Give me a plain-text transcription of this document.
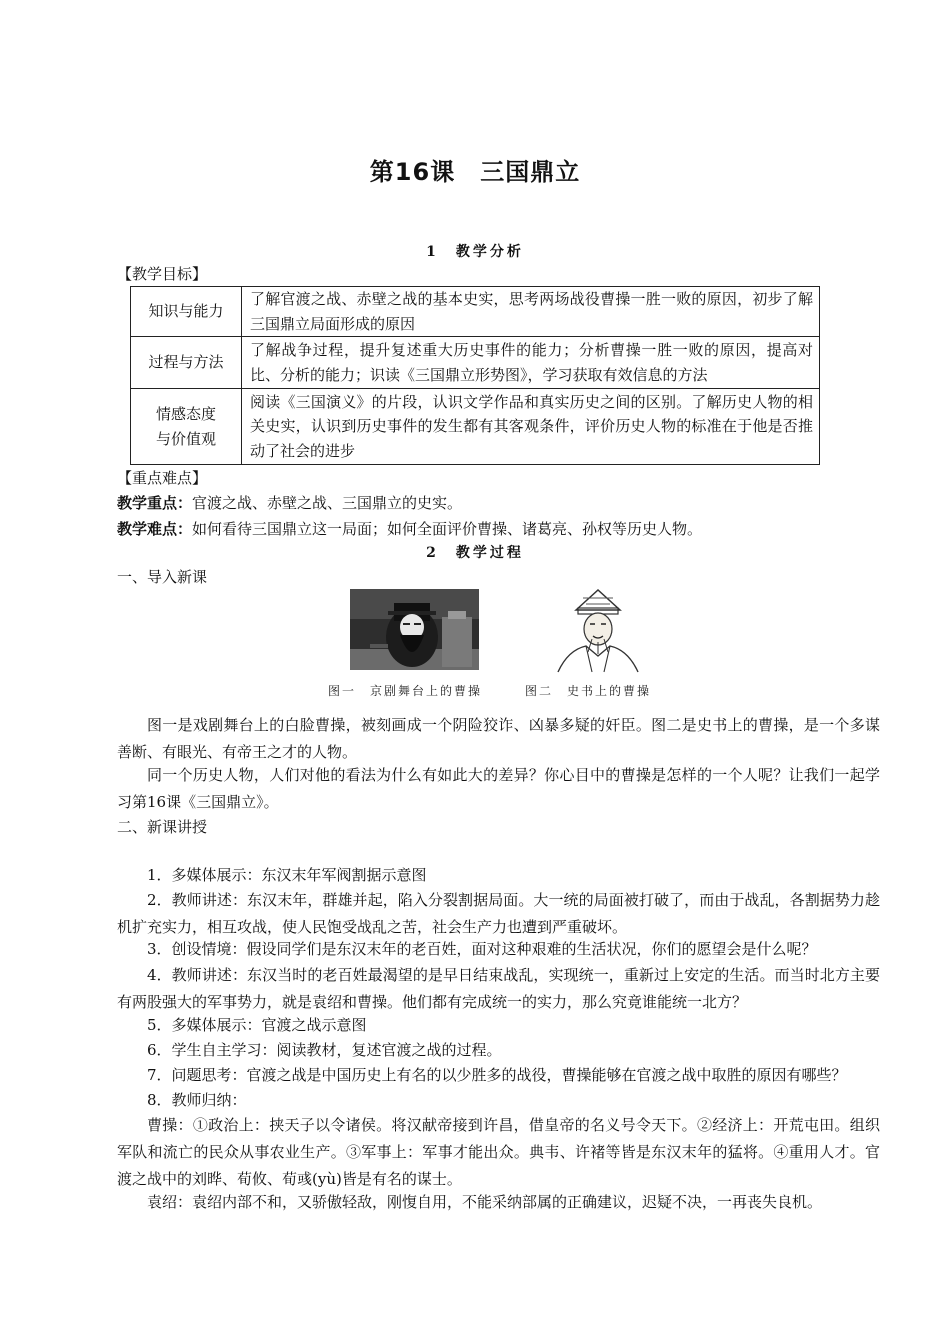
第16课　三国鼎立
1　教学分析
【教学目标】
知识与能力	了解官渡之战、赤壁之战的基本史实，思考两场战役曹操一胜一败的原因，初步了解三国鼎立局面形成的原因
过程与方法	了解战争过程，提升复述重大历史事件的能力；分析曹操一胜一败的原因，提高对比、分析的能力；识读《三国鼎立形势图》，学习获取有效信息的方法

情感态度
与价值观	阅读《三国演义》的片段，认识文学作品和真实历史之间的区别。了解历史人物的相关史实，认识到历史事件的发生都有其客观条件，评价历史人物的标准在于他是否推动了社会的进步
【重点难点】
教学重点：官渡之战、赤壁之战、三国鼎立的史实。
教学难点：如何看待三国鼎立这一局面；如何全面评价曹操、诸葛亮、孙权等历史人物。
2　教学过程
一、导入新课
图一　京剧舞台上的曹操	图二　史书上的曹操
图一是戏剧舞台上的白脸曹操，被刻画成一个阴险狡诈、凶暴多疑的奸臣。图二是史书上的曹操，是一个多谋善断、有眼光、有帝王之才的人物。
同一个历史人物，人们对他的看法为什么有如此大的差异？你心目中的曹操是怎样的一个人呢？让我们一起学习第16课《三国鼎立》。
二、新课讲授
1．多媒体展示：东汉末年军阀割据示意图
2．教师讲述：东汉末年，群雄并起，陷入分裂割据局面。大一统的局面被打破了，而由于战乱，各割据势力趁机扩充实力，相互攻战，使人民饱受战乱之苦，社会生产力也遭到严重破坏。
3．创设情境：假设同学们是东汉末年的老百姓，面对这种艰难的生活状况，你们的愿望会是什么呢？
4．教师讲述：东汉当时的老百姓最渴望的是早日结束战乱，实现统一，重新过上安定的生活。而当时北方主要有两股强大的军事势力，就是袁绍和曹操。他们都有完成统一的实力，那么究竟谁能统一北方？
5．多媒体展示：官渡之战示意图
6．学生自主学习：阅读教材，复述官渡之战的过程。
7．问题思考：官渡之战是中国历史上有名的以少胜多的战役，曹操能够在官渡之战中取胜的原因有哪些？
8．教师归纳：
曹操：①政治上：挟天子以令诸侯。将汉献帝接到许昌，借皇帝的名义号令天下。②经济上：开荒屯田。组织军队和流亡的民众从事农业生产。③军事上：军事才能出众。典韦、许褚等皆是东汉末年的猛将。④重用人才。官渡之战中的刘晔、荀攸、荀彧(yù)皆是有名的谋士。
袁绍：袁绍内部不和，又骄傲轻敌，刚愎自用，不能采纳部属的正确建议，迟疑不决，一再丧失良机。
